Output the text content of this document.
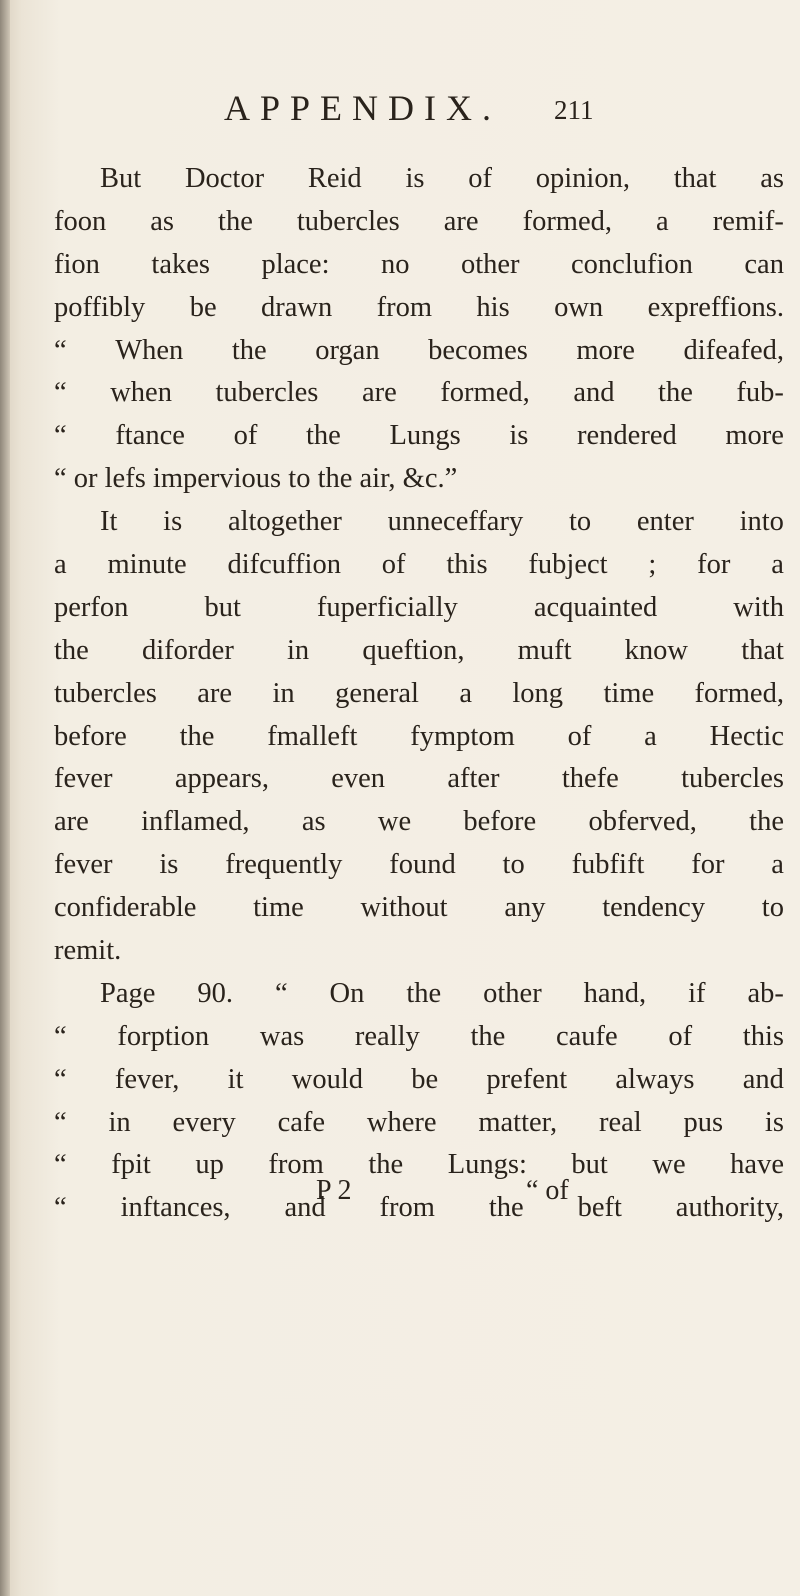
APPENDIX. 211
But Doctor Reid is of opinion, that as
foon as the tubercles are formed, a remif-
fion takes place: no other conclufion can
poffibly be drawn from his own expreffions.
“ When the organ becomes more difeafed,
“ when tubercles are formed, and the fub-
“ ftance of the Lungs is rendered more
“ or lefs impervious to the air, &c.”
It is altogether unneceffary to enter into
a minute difcuffion of this fubject ; for a
perfon	but	fuperficially	acquainted	with
the diforder in queftion, muft know that
tubercles are in general a long time formed,
before the fmalleft fymptom of a Hectic
fever appears, even after thefe tubercles
are inflamed, as we before obferved, the
fever is frequently found to fubfift for a
confiderable time without any tendency to
remit.
Page 90. “ On the other hand, if ab-
“ forption was really the caufe of this
“ fever, it would be prefent always and
“ in every cafe where matter, real pus is
“ fpit up from the Lungs: but we have
“ inftances, and from the beft authority,
P 2	“ of
